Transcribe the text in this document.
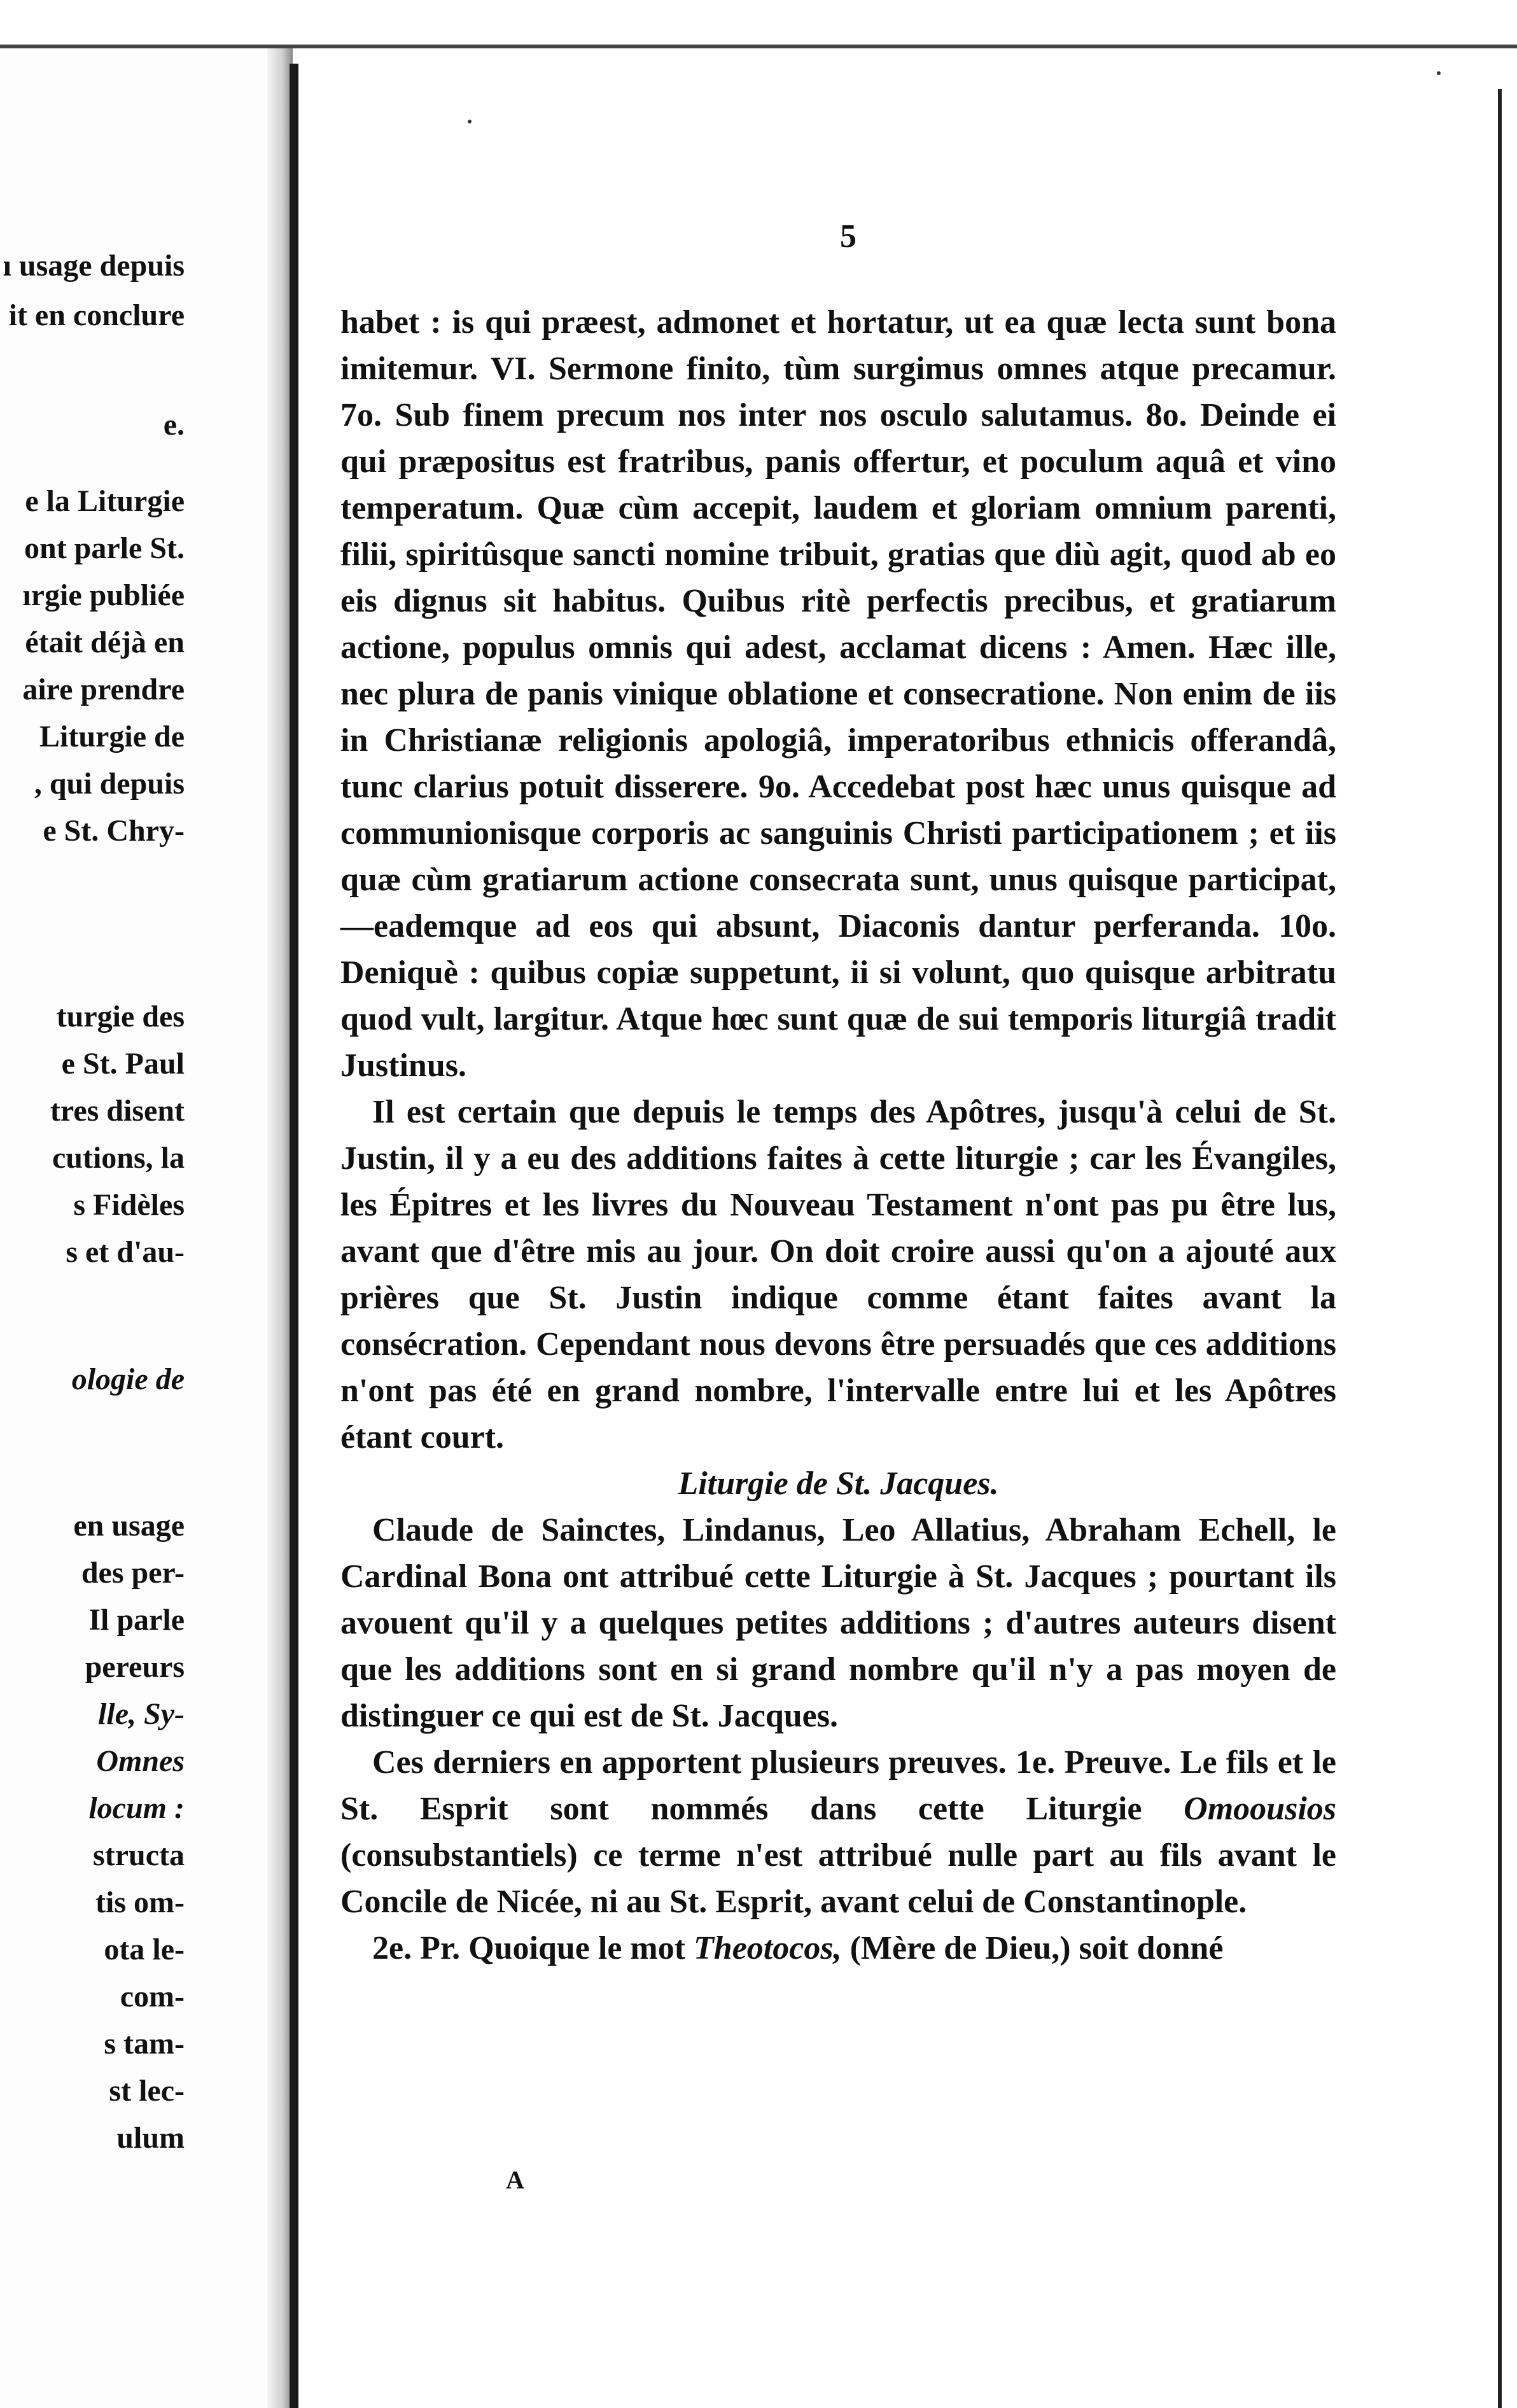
ı usage depuis
it en conclure
e.
e la Liturgie
ont parle St.
ırgie publiée
était déjà en
aire prendre
Liturgie de
, qui depuis
e St. Chry-
turgie des
e St. Paul
tres disent
cutions, la
s Fidèles
s et d'au-
ologie de
en usage
des per-
Il parle
pereurs
lle, Sy-
Omnes
locum :
structa
tis om-
ota le-
com-
s tam-
st lec-
ulum
5

habet : is qui præest, admonet et hortatur, ut ea quæ lecta sunt bona imitemur. VI. Sermone finito, tùm surgimus omnes atque precamur. 7o. Sub finem precum nos inter nos osculo salutamus. 8o. Deinde ei qui præpositus est fratribus, panis offertur, et poculum aquâ et vino temperatum. Quæ cùm accepit, laudem et gloriam omnium parenti, filii, spiritûsque sancti nomine tribuit, gratias que diù agit, quod ab eo eis dignus sit habitus. Quibus ritè perfectis precibus, et gratiarum actione, populus omnis qui adest, acclamat dicens : Amen. Hæc ille, nec plura de panis vinique oblatione et consecratione. Non enim de iis in Christianæ religionis apologiâ, imperatoribus ethnicis offerandâ, tunc clarius potuit disserere. 9o. Accedebat post hæc unus quisque ad communionisque corporis ac sanguinis Christi participationem ; et iis quæ cùm gratiarum actione consecrata sunt, unus quisque participat,—eademque ad eos qui absunt, Diaconis dantur perferanda. 10o. Deniquè : quibus copiæ suppetunt, ii si volunt, quo quisque arbitratu quod vult, largitur. Atque hœc sunt quæ de sui temporis liturgiâ tradit Justinus.

Il est certain que depuis le temps des Apôtres, jusqu'à celui de St. Justin, il y a eu des additions faites à cette liturgie ; car les Évangiles, les Épitres et les livres du Nouveau Testament n'ont pas pu être lus, avant que d'être mis au jour. On doit croire aussi qu'on a ajouté aux prières que St. Justin indique comme étant faites avant la consécration. Cependant nous devons être persuadés que ces additions n'ont pas été en grand nombre, l'intervalle entre lui et les Apôtres étant court.

Liturgie de St. Jacques.

Claude de Sainctes, Lindanus, Leo Allatius, Abraham Echell, le Cardinal Bona ont attribué cette Liturgie à St. Jacques ; pourtant ils avouent qu'il y a quelques petites additions ; d'autres auteurs disent que les additions sont en si grand nombre qu'il n'y a pas moyen de distinguer ce qui est de St. Jacques.

Ces derniers en apportent plusieurs preuves. 1e. Preuve. Le fils et le St. Esprit sont nommés dans cette Liturgie Omoousios (consubstantiels) ce terme n'est attribué nulle part au fils avant le Concile de Nicée, ni au St. Esprit, avant celui de Constantinople.

2e. Pr. Quoique le mot Theotocos, (Mère de Dieu,) soit donné

A
